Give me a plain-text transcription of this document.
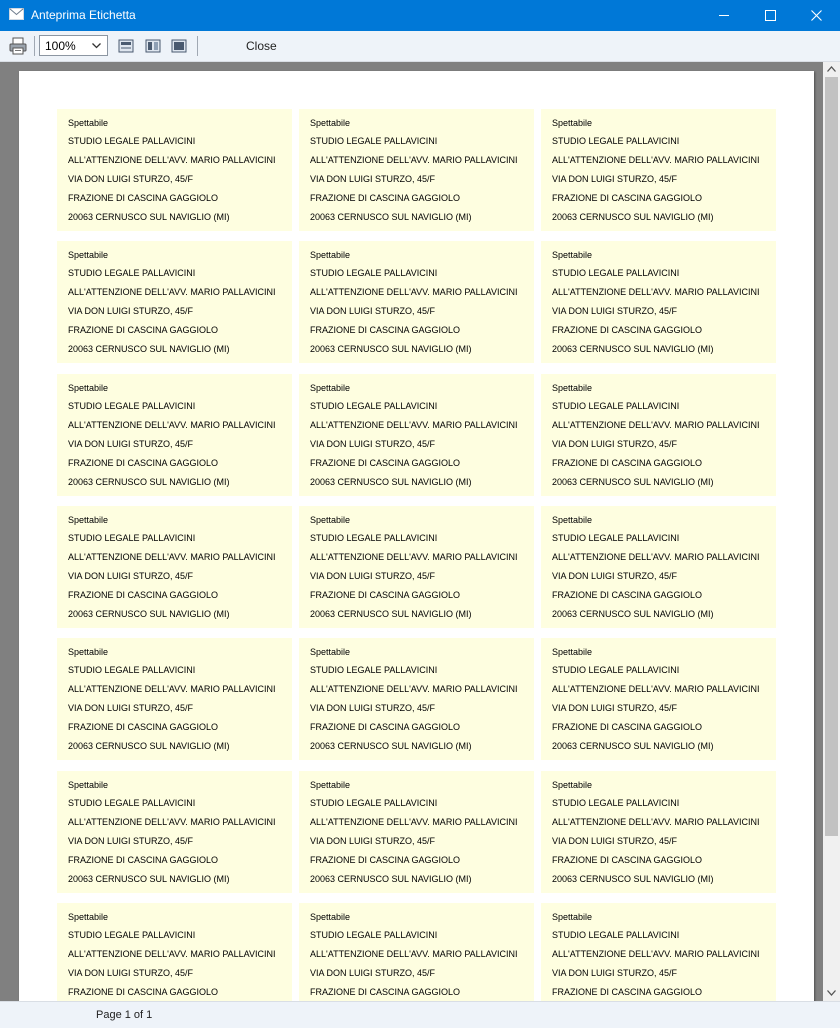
Anteprima Etichetta
100%	Close
Spettabile
STUDIO LEGALE PALLAVICINI
ALL'ATTENZIONE DELL'AVV. MARIO PALLAVICINI
VIA DON LUIGI STURZO, 45/F
FRAZIONE DI CASCINA GAGGIOLO
20063 CERNUSCO SUL NAVIGLIO (MI)
Spettabile
STUDIO LEGALE PALLAVICINI
ALL'ATTENZIONE DELL'AVV. MARIO PALLAVICINI
VIA DON LUIGI STURZO, 45/F
FRAZIONE DI CASCINA GAGGIOLO
20063 CERNUSCO SUL NAVIGLIO (MI)
Spettabile
STUDIO LEGALE PALLAVICINI
ALL'ATTENZIONE DELL'AVV. MARIO PALLAVICINI
VIA DON LUIGI STURZO, 45/F
FRAZIONE DI CASCINA GAGGIOLO
20063 CERNUSCO SUL NAVIGLIO (MI)
Spettabile
STUDIO LEGALE PALLAVICINI
ALL'ATTENZIONE DELL'AVV. MARIO PALLAVICINI
VIA DON LUIGI STURZO, 45/F
FRAZIONE DI CASCINA GAGGIOLO
20063 CERNUSCO SUL NAVIGLIO (MI)
Spettabile
STUDIO LEGALE PALLAVICINI
ALL'ATTENZIONE DELL'AVV. MARIO PALLAVICINI
VIA DON LUIGI STURZO, 45/F
FRAZIONE DI CASCINA GAGGIOLO
20063 CERNUSCO SUL NAVIGLIO (MI)
Spettabile
STUDIO LEGALE PALLAVICINI
ALL'ATTENZIONE DELL'AVV. MARIO PALLAVICINI
VIA DON LUIGI STURZO, 45/F
FRAZIONE DI CASCINA GAGGIOLO
20063 CERNUSCO SUL NAVIGLIO (MI)
Spettabile
STUDIO LEGALE PALLAVICINI
ALL'ATTENZIONE DELL'AVV. MARIO PALLAVICINI
VIA DON LUIGI STURZO, 45/F
FRAZIONE DI CASCINA GAGGIOLO
20063 CERNUSCO SUL NAVIGLIO (MI)
Spettabile
STUDIO LEGALE PALLAVICINI
ALL'ATTENZIONE DELL'AVV. MARIO PALLAVICINI
VIA DON LUIGI STURZO, 45/F
FRAZIONE DI CASCINA GAGGIOLO
20063 CERNUSCO SUL NAVIGLIO (MI)
Spettabile
STUDIO LEGALE PALLAVICINI
ALL'ATTENZIONE DELL'AVV. MARIO PALLAVICINI
VIA DON LUIGI STURZO, 45/F
FRAZIONE DI CASCINA GAGGIOLO
20063 CERNUSCO SUL NAVIGLIO (MI)
Spettabile
STUDIO LEGALE PALLAVICINI
ALL'ATTENZIONE DELL'AVV. MARIO PALLAVICINI
VIA DON LUIGI STURZO, 45/F
FRAZIONE DI CASCINA GAGGIOLO
20063 CERNUSCO SUL NAVIGLIO (MI)
Spettabile
STUDIO LEGALE PALLAVICINI
ALL'ATTENZIONE DELL'AVV. MARIO PALLAVICINI
VIA DON LUIGI STURZO, 45/F
FRAZIONE DI CASCINA GAGGIOLO
20063 CERNUSCO SUL NAVIGLIO (MI)
Spettabile
STUDIO LEGALE PALLAVICINI
ALL'ATTENZIONE DELL'AVV. MARIO PALLAVICINI
VIA DON LUIGI STURZO, 45/F
FRAZIONE DI CASCINA GAGGIOLO
20063 CERNUSCO SUL NAVIGLIO (MI)
Spettabile
STUDIO LEGALE PALLAVICINI
ALL'ATTENZIONE DELL'AVV. MARIO PALLAVICINI
VIA DON LUIGI STURZO, 45/F
FRAZIONE DI CASCINA GAGGIOLO
20063 CERNUSCO SUL NAVIGLIO (MI)
Spettabile
STUDIO LEGALE PALLAVICINI
ALL'ATTENZIONE DELL'AVV. MARIO PALLAVICINI
VIA DON LUIGI STURZO, 45/F
FRAZIONE DI CASCINA GAGGIOLO
20063 CERNUSCO SUL NAVIGLIO (MI)
Spettabile
STUDIO LEGALE PALLAVICINI
ALL'ATTENZIONE DELL'AVV. MARIO PALLAVICINI
VIA DON LUIGI STURZO, 45/F
FRAZIONE DI CASCINA GAGGIOLO
20063 CERNUSCO SUL NAVIGLIO (MI)
Spettabile
STUDIO LEGALE PALLAVICINI
ALL'ATTENZIONE DELL'AVV. MARIO PALLAVICINI
VIA DON LUIGI STURZO, 45/F
FRAZIONE DI CASCINA GAGGIOLO
20063 CERNUSCO SUL NAVIGLIO (MI)
Spettabile
STUDIO LEGALE PALLAVICINI
ALL'ATTENZIONE DELL'AVV. MARIO PALLAVICINI
VIA DON LUIGI STURZO, 45/F
FRAZIONE DI CASCINA GAGGIOLO
20063 CERNUSCO SUL NAVIGLIO (MI)
Spettabile
STUDIO LEGALE PALLAVICINI
ALL'ATTENZIONE DELL'AVV. MARIO PALLAVICINI
VIA DON LUIGI STURZO, 45/F
FRAZIONE DI CASCINA GAGGIOLO
20063 CERNUSCO SUL NAVIGLIO (MI)
Spettabile
STUDIO LEGALE PALLAVICINI
ALL'ATTENZIONE DELL'AVV. MARIO PALLAVICINI
VIA DON LUIGI STURZO, 45/F
FRAZIONE DI CASCINA GAGGIOLO
Spettabile
STUDIO LEGALE PALLAVICINI
ALL'ATTENZIONE DELL'AVV. MARIO PALLAVICINI
VIA DON LUIGI STURZO, 45/F
FRAZIONE DI CASCINA GAGGIOLO
Spettabile
STUDIO LEGALE PALLAVICINI
ALL'ATTENZIONE DELL'AVV. MARIO PALLAVICINI
VIA DON LUIGI STURZO, 45/F
FRAZIONE DI CASCINA GAGGIOLO
Page 1 of 1
